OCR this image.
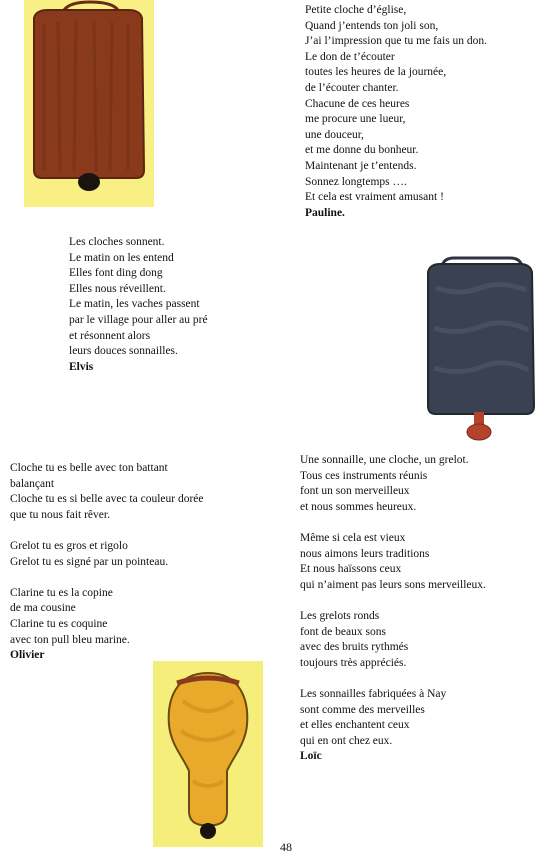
Petite cloche d’église,
Quand j’entends ton joli son,
J’ai l’impression que tu me fais un don.
Le don de t’écouter
toutes les heures de la journée,
de l’écouter chanter.
Chacune de ces heures
me procure une lueur,
une douceur,
et me donne du bonheur.
Maintenant je t’entends.
Sonnez longtemps ….
Et cela est vraiment amusant !
Pauline.
Les cloches sonnent.
Le matin on les entend
Elles font ding dong
Elles nous réveillent.
Le matin, les vaches passent
par le village pour aller au pré
et résonnent alors
leurs douces sonnailles.
Elvis
Cloche tu es belle avec ton battant
balançant
Cloche tu es si belle avec ta couleur dorée
que tu nous fait rêver.
Grelot tu es gros et rigolo
Grelot tu es signé par un pointeau.
Clarine tu es la copine
de ma cousine
Clarine tu es coquine
avec ton pull bleu marine.
Olivier
Une sonnaille, une cloche, un grelot.
Tous ces instruments réunis
font un son merveilleux
et nous sommes heureux.
Même si cela est vieux
nous aimons leurs traditions
Et nous haïssons ceux
qui n’aiment pas leurs sons merveilleux.
Les grelots ronds
font de beaux sons
avec des bruits rythmés
toujours très appréciés.
Les sonnailles fabriquées à Nay
sont comme des merveilles
et elles enchantent ceux
qui en ont chez eux.
Loïc
48
